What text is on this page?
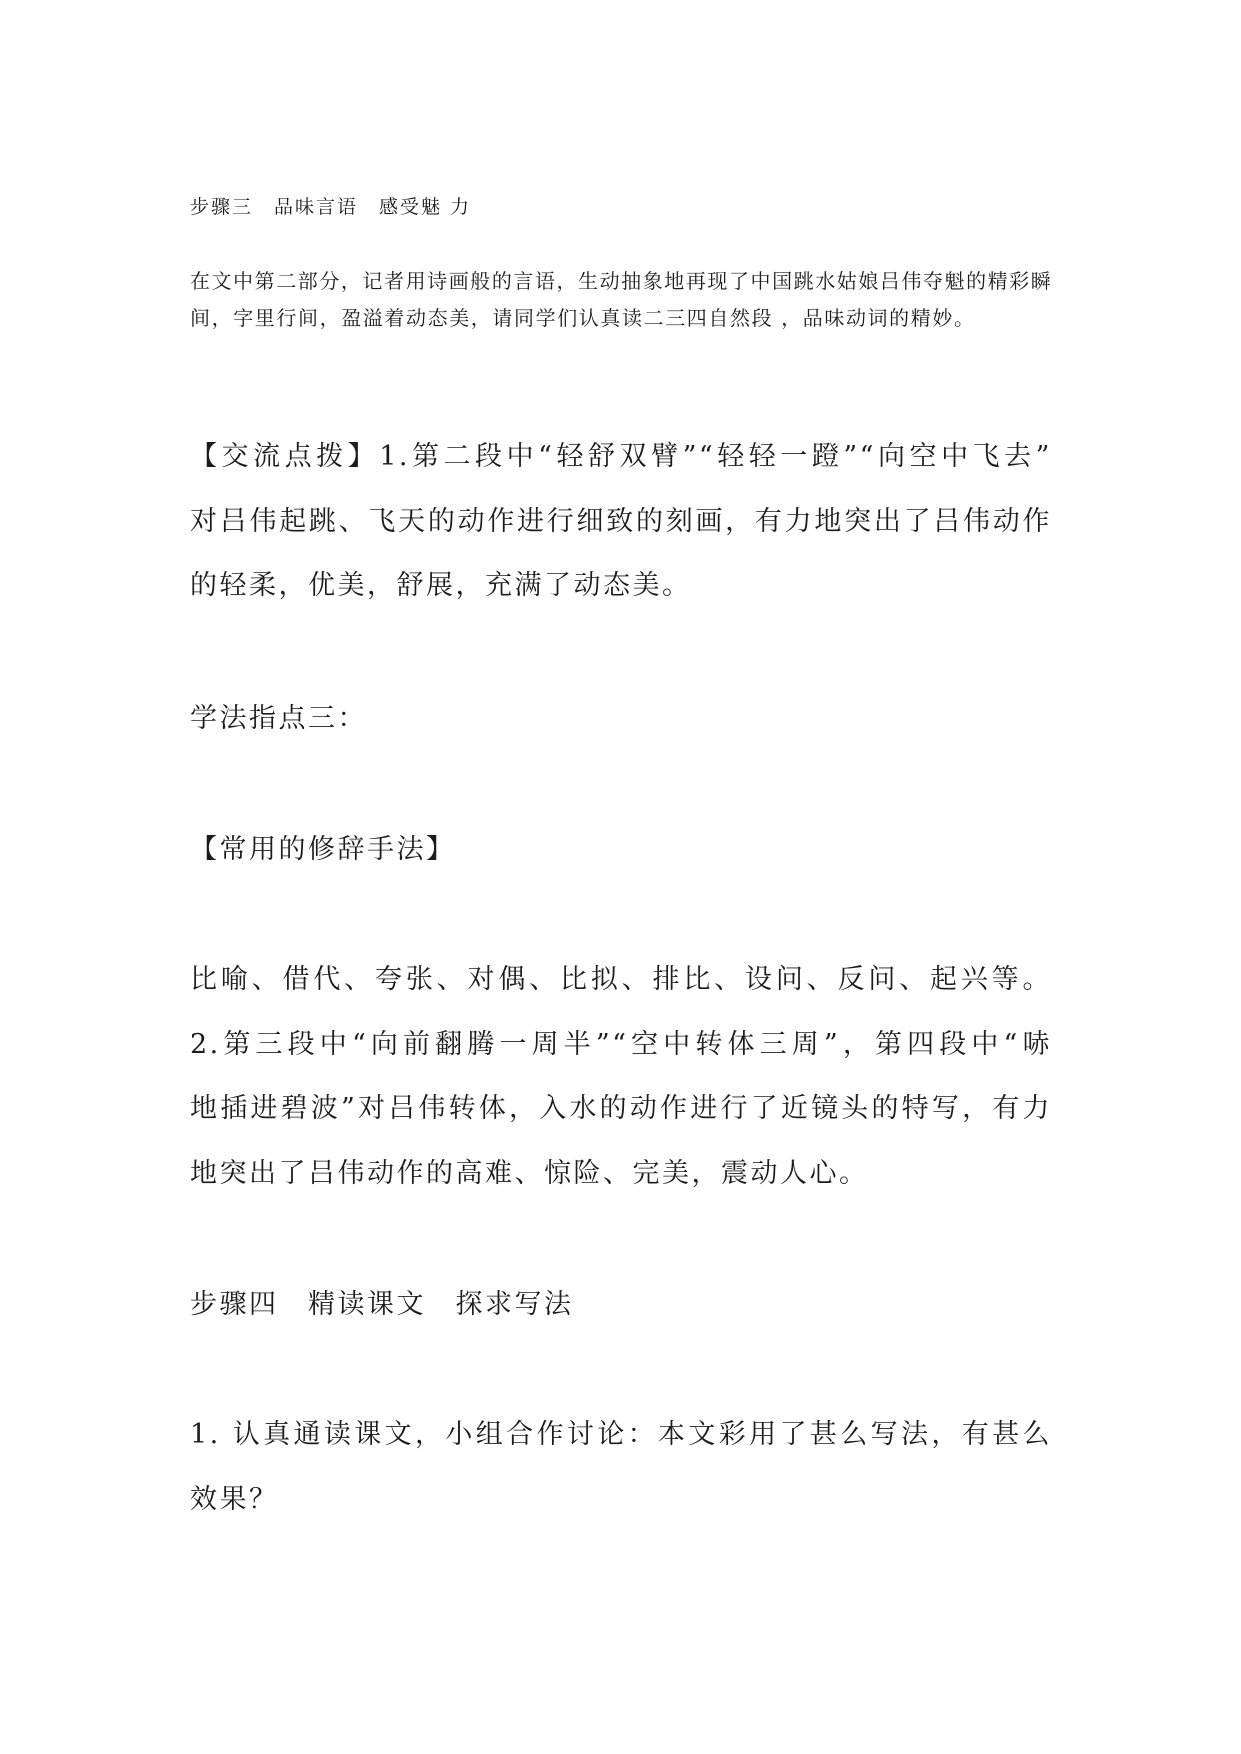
步骤三　品味言语　感受魅 力
在文中第二部分，记者用诗画般的言语，生动抽象地再现了中国跳水姑娘吕伟夺魁的精彩瞬
间，字里行间，盈溢着动态美，请同学们认真读二三四自然段 ，品味动词的精妙。
【交流点拨】1.第二段中“轻舒双臂”“轻轻一蹬”“向空中飞去”
对吕伟起跳、飞天的动作进行细致的刻画，有力地突出了吕伟动作
的轻柔，优美，舒展，充满了动态美。
学法指点三：
【常用的修辞手法】
比喻、借代、夸张、对偶、比拟、排比、设问、反问、起兴等。
2.第三段中“向前翻腾一周半”“空中转体三周”，第四段中“哧
地插进碧波”对吕伟转体，入水的动作进行了近镜头的特写，有力
地突出了吕伟动作的高难、惊险、完美，震动人心。
步骤四　精读课文　探求写法
1. 认真通读课文，小组合作讨论：本文彩用了甚么写法，有甚么
效果？
